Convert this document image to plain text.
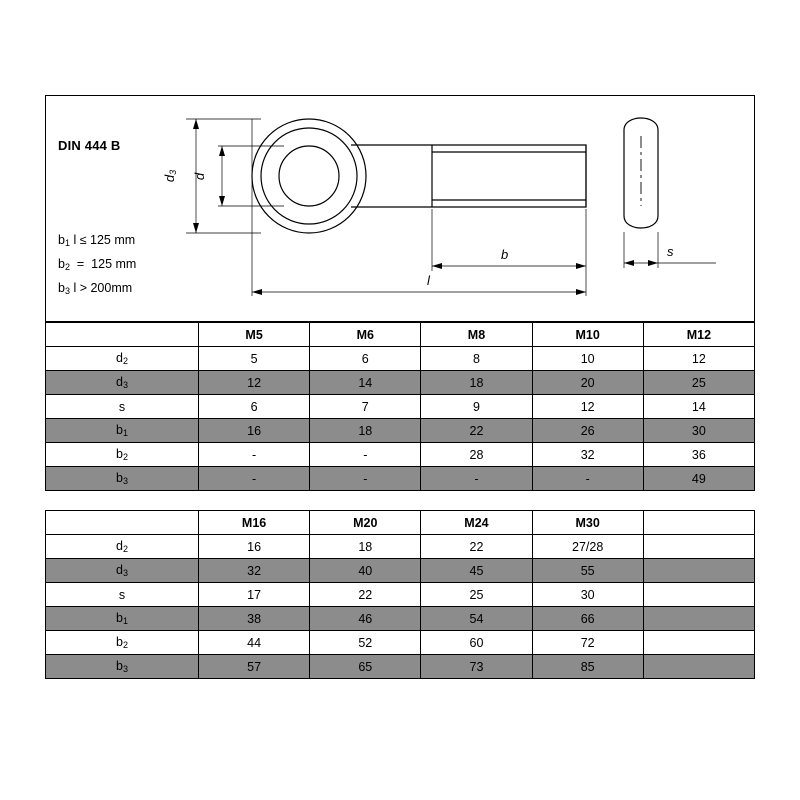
DIN 444 B
$b_1$ l ≤ 125 mm
$b_2 = 125$ mm
$b_3$ l > 200mm
$d_3$
d
b
l
s
	M5	M6	M8	M10	M12
$d_2$	5	6	8	10	12
$d_3$	12	14	18	20	25
s	6	7	9	12	14
$b_1$	16	18	22	26	30
$b_2$	-	-	28	32	36
$b_3$	-	-	-	-	49
	M16	M20	M24	M30	
$d_2$	16	18	22	27/28	
$d_3$	32	40	45	55	
s	17	22	25	30	
$b_1$	38	46	54	66	
$b_2$	44	52	60	72	
$b_3$	57	65	73	85	
